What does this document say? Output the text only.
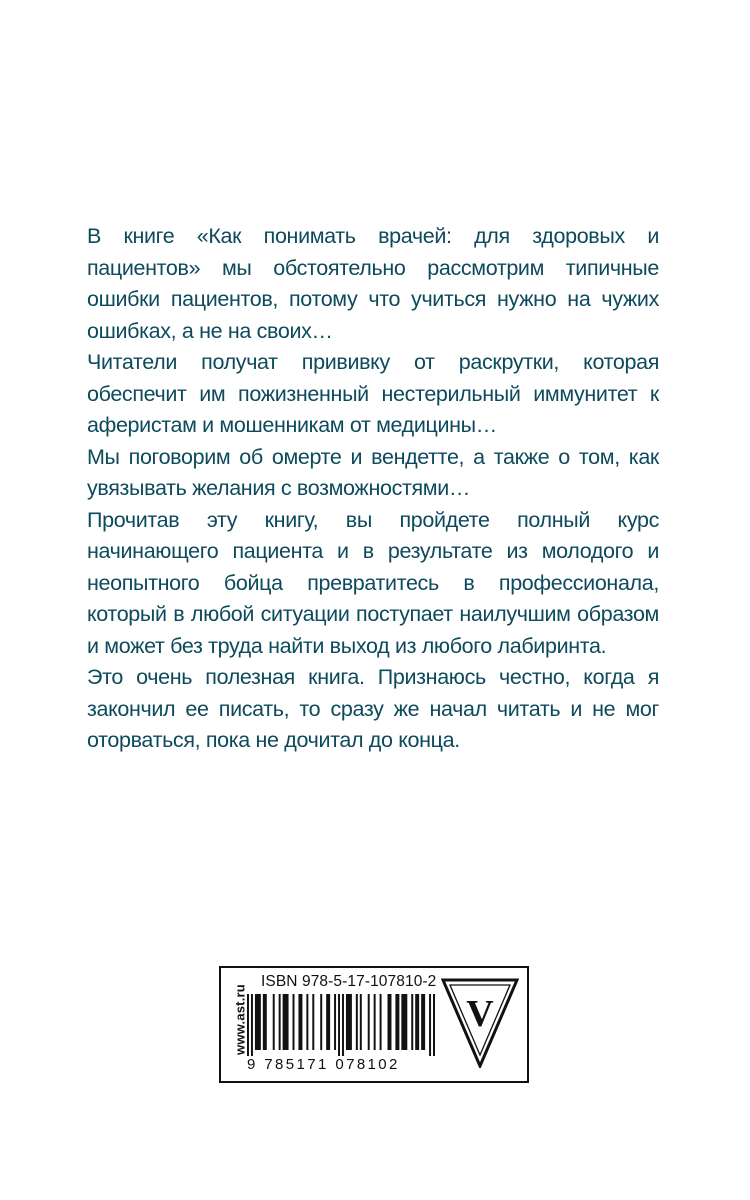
В книге «Как понимать врачей: для здоровых и пациентов» мы обстоятельно рассмотрим типичные ошибки пациентов, потому что учиться нужно на чужих ошибках, а не на своих…

Читатели получат прививку от раскрутки, которая обеспечит им пожизненный нестерильный иммунитет к аферистам и мошенникам от медицины…

Мы поговорим об омерте и вендетте, а также о том, как увязывать желания с возможностями…

Прочитав эту книгу, вы пройдете полный курс начинающего пациента и в результате из молодого и неопытного бойца превратитесь в профессионала, который в любой ситуации поступает наилучшим образом и может без труда найти выход из любого лабиринта.

Это очень полезная книга. Признаюсь честно, когда я закончил ее писать, то сразу же начал читать и не мог оторваться, пока не дочитал до конца.

www.ast.ru
ISBN 978-5-17-107810-2
9 785171 078102
V
